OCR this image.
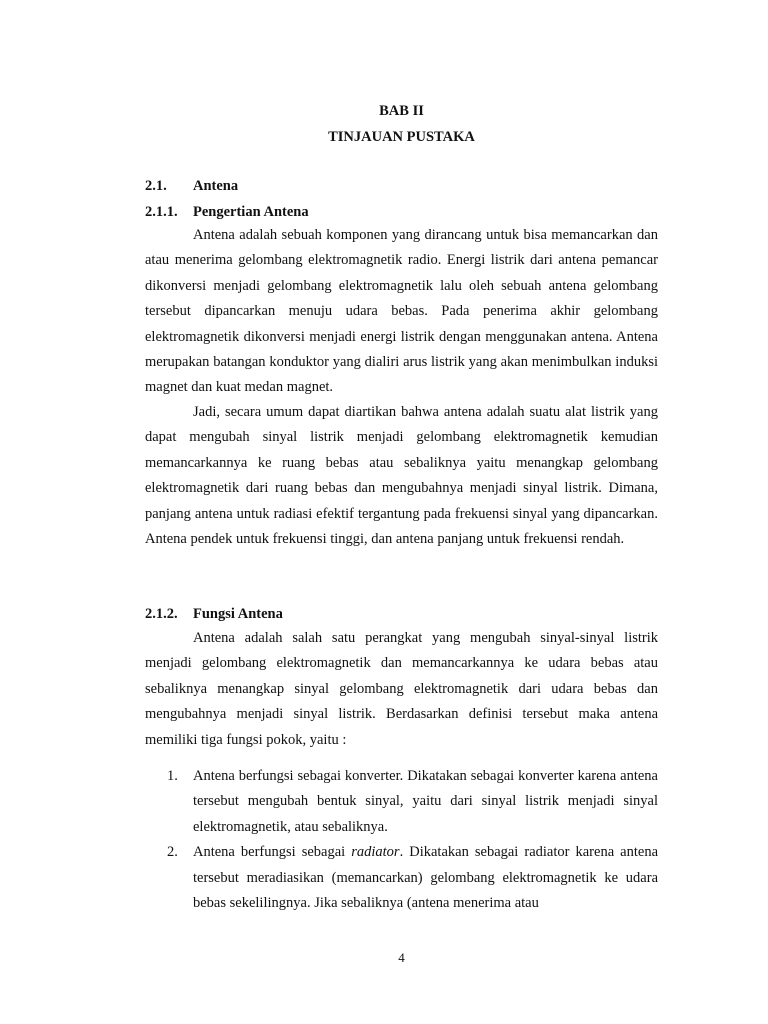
BAB II
TINJAUAN PUSTAKA
2.1. Antena
2.1.1. Pengertian Antena

Antena adalah sebuah komponen yang dirancang untuk bisa memancarkan dan atau menerima gelombang elektromagnetik radio. Energi listrik dari antena pemancar dikonversi menjadi gelombang elektromagnetik lalu oleh sebuah antena gelombang tersebut dipancarkan menuju udara bebas. Pada penerima akhir gelombang elektromagnetik dikonversi menjadi energi listrik dengan menggunakan antena. Antena merupakan batangan konduktor yang dialiri arus listrik yang akan menimbulkan induksi magnet dan kuat medan magnet.

Jadi, secara umum dapat diartikan bahwa antena adalah suatu alat listrik yang dapat mengubah sinyal listrik menjadi gelombang elektromagnetik kemudian memancarkannya ke ruang bebas atau sebaliknya yaitu menangkap gelombang elektromagnetik dari ruang bebas dan mengubahnya menjadi sinyal listrik. Dimana, panjang antena untuk radiasi efektif tergantung pada frekuensi sinyal yang dipancarkan. Antena pendek untuk frekuensi tinggi, dan antena panjang untuk frekuensi rendah.

2.1.2. Fungsi Antena

Antena adalah salah satu perangkat yang mengubah sinyal-sinyal listrik menjadi gelombang elektromagnetik dan memancarkannya ke udara bebas atau sebaliknya menangkap sinyal gelombang elektromagnetik dari udara bebas dan mengubahnya menjadi sinyal listrik. Berdasarkan definisi tersebut maka antena memiliki tiga fungsi pokok, yaitu :

1. Antena berfungsi sebagai konverter. Dikatakan sebagai konverter karena antena tersebut mengubah bentuk sinyal, yaitu dari sinyal listrik menjadi sinyal elektromagnetik, atau sebaliknya.
2. Antena berfungsi sebagai radiator. Dikatakan sebagai radiator karena antena tersebut meradiasikan (memancarkan) gelombang elektromagnetik ke udara bebas sekelilingnya. Jika sebaliknya (antena menerima atau
4
